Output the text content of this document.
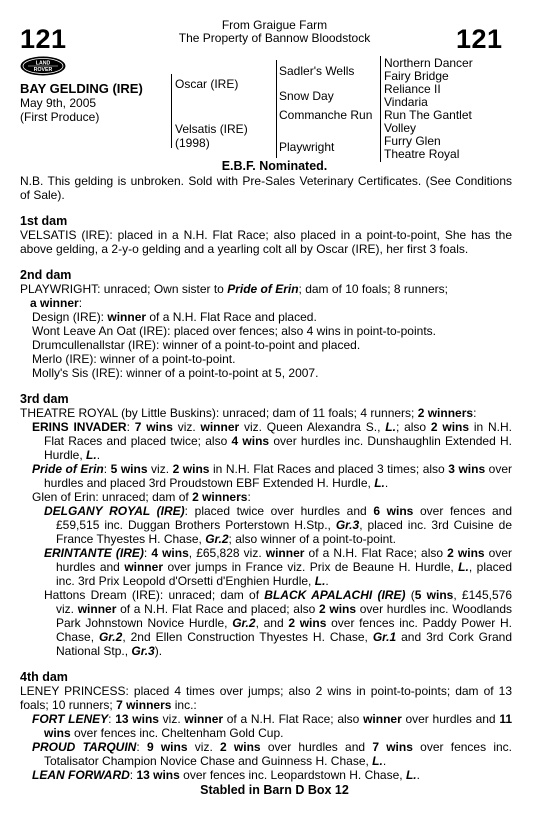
121	121
From Graigue Farm
The Property of Bannow Bloodstock
LAND
ROVER
BAY GELDING (IRE)
May 9th, 2005
(First Produce)
Oscar (IRE)
Velsatis (IRE)
(1998)
Sadler's Wells
Snow Day
Commanche Run
Playwright
Northern Dancer
Fairy Bridge
Reliance II
Vindaria
Run The Gantlet
Volley
Furry Glen
Theatre Royal
E.B.F. Nominated.

N.B. This gelding is unbroken. Sold with Pre-Sales Veterinary Certificates. (See Conditions of Sale).

1st dam

VELSATIS (IRE): placed in a N.H. Flat Race; also placed in a point-to-point, She has the above gelding, a 2-y-o gelding and a yearling colt all by Oscar (IRE), her first 3 foals.

2nd dam

PLAYWRIGHT: unraced; Own sister to Pride of Erin; dam of 10 foals; 8 runners;
a winner:

Design (IRE): winner of a N.H. Flat Race and placed.

Wont Leave An Oat (IRE): placed over fences; also 4 wins in point-to-points.

Drumcullenallstar (IRE): winner of a point-to-point and placed.

Merlo (IRE): winner of a point-to-point.

Molly's Sis (IRE): winner of a point-to-point at 5, 2007.

3rd dam

THEATRE ROYAL (by Little Buskins): unraced; dam of 11 foals; 4 runners; 2 winners:

ERINS INVADER: 7 wins viz. winner viz. Queen Alexandra S., L.; also 2 wins in N.H. Flat Races and placed twice; also 4 wins over hurdles inc. Dunshaughlin Extended H. Hurdle, L..

Pride of Erin: 5 wins viz. 2 wins in N.H. Flat Races and placed 3 times; also 3 wins over hurdles and placed 3rd Proudstown EBF Extended H. Hurdle, L..

Glen of Erin: unraced; dam of 2 winners:

DELGANY ROYAL (IRE): placed twice over hurdles and 6 wins over fences and £59,515 inc. Duggan Brothers Porterstown H.Stp., Gr.3, placed inc. 3rd Cuisine de France Thyestes H. Chase, Gr.2; also winner of a point-to-point.

ERINTANTE (IRE): 4 wins, £65,828 viz. winner of a N.H. Flat Race; also 2 wins over hurdles and winner over jumps in France viz. Prix de Beaune H. Hurdle, L., placed inc. 3rd Prix Leopold d'Orsetti d'Enghien Hurdle, L..

Hattons Dream (IRE): unraced; dam of BLACK APALACHI (IRE) (5 wins, £145,576 viz. winner of a N.H. Flat Race and placed; also 2 wins over hurdles inc. Woodlands Park Johnstown Novice Hurdle, Gr.2, and 2 wins over fences inc. Paddy Power H. Chase, Gr.2, 2nd Ellen Construction Thyestes H. Chase, Gr.1 and 3rd Cork Grand National Stp., Gr.3).

4th dam

LENEY PRINCESS: placed 4 times over jumps; also 2 wins in point-to-points; dam of 13 foals; 10 runners; 7 winners inc.:

FORT LENEY: 13 wins viz. winner of a N.H. Flat Race; also winner over hurdles and 11 wins over fences inc. Cheltenham Gold Cup.

PROUD TARQUIN: 9 wins viz. 2 wins over hurdles and 7 wins over fences inc. Totalisator Champion Novice Chase and Guinness H. Chase, L..

LEAN FORWARD: 13 wins over fences inc. Leopardstown H. Chase, L..

Stabled in Barn D Box 12
